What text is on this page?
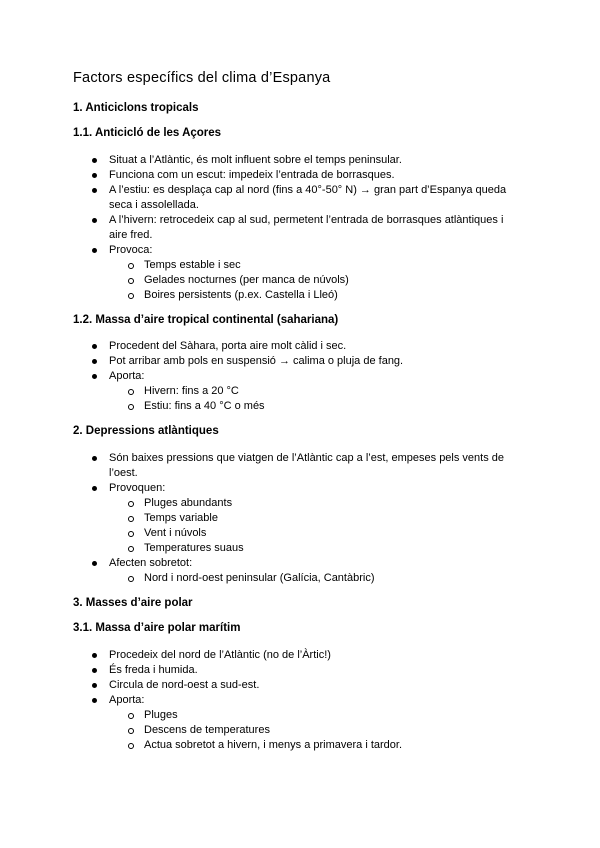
Factors específics del clima d’Espanya
1. Anticiclons tropicals
1.1. Anticicló de les Açores
Situat a l’Atlàntic, és molt influent sobre el temps peninsular.
Funciona com un escut: impedeix l’entrada de borrasques.
A l’estiu: es desplaça cap al nord (fins a 40°-50° N) → gran part d’Espanya queda seca i assolellada.
A l’hivern: retrocedeix cap al sud, permetent l’entrada de borrasques atlàntiques i aire fred.
Provoca:
Temps estable i sec
Gelades nocturnes (per manca de núvols)
Boires persistents (p.ex. Castella i Lleó)
1.2. Massa d’aire tropical continental (sahariana)
Procedent del Sàhara, porta aire molt càlid i sec.
Pot arribar amb pols en suspensió → calima o pluja de fang.
Aporta:
Hivern: fins a 20 °C
Estiu: fins a 40 °C o més
2. Depressions atlàntiques
Són baixes pressions que viatgen de l’Atlàntic cap a l’est, empeses pels vents de l’oest.
Provoquen:
Pluges abundants
Temps variable
Vent i núvols
Temperatures suaus
Afecten sobretot:
Nord i nord-oest peninsular (Galícia, Cantàbric)
3. Masses d’aire polar
3.1. Massa d’aire polar marítim
Procedeix del nord de l’Atlàntic (no de l’Àrtic!)
És freda i humida.
Circula de nord-oest a sud-est.
Aporta:
Pluges
Descens de temperatures
Actua sobretot a hivern, i menys a primavera i tardor.
